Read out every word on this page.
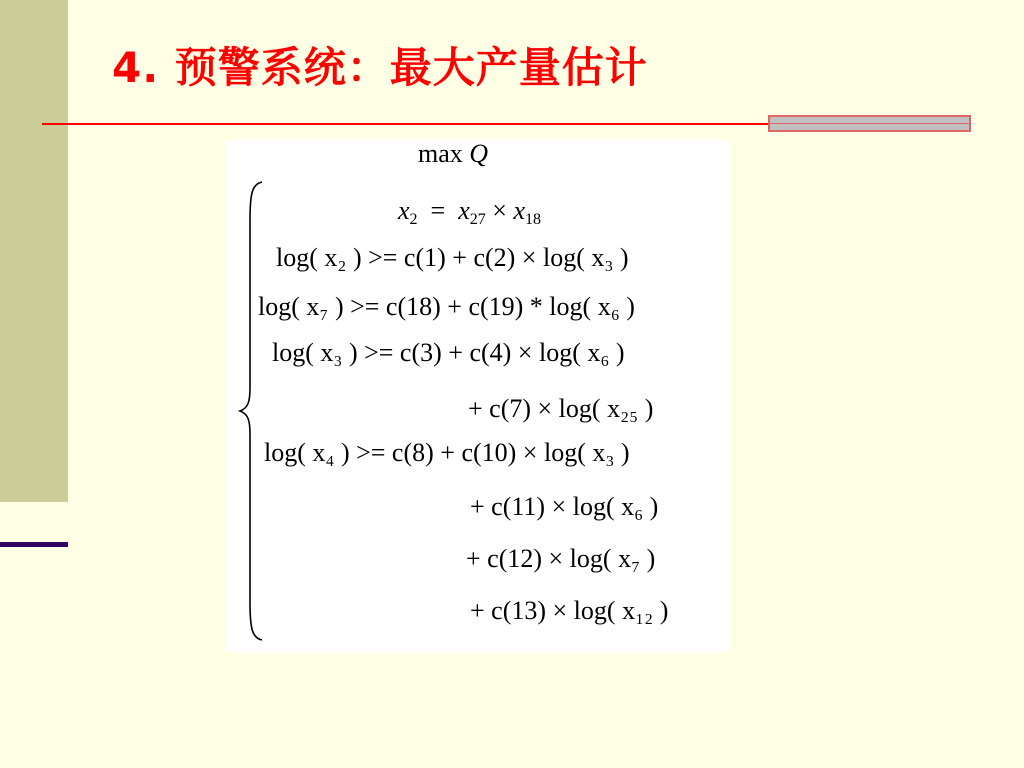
4. 预警系统：最大产量估计
max Q
$x_2 = x_{27} \times x_{18}$
log( x₂ ) >= c(1) + c(2) × log( x₃ )
log( x₇ ) >= c(18) + c(19) * log( x₆ )
log( x₃ ) >= c(3) + c(4) × log( x₆ )
+ c(7) × log( x₂₅ )
log( x₄ ) >= c(8) + c(10) × log( x₃ )
+ c(11) × log( x₆ )
+ c(12) × log( x₇ )
+ c(13) × log( x₁₂ )
